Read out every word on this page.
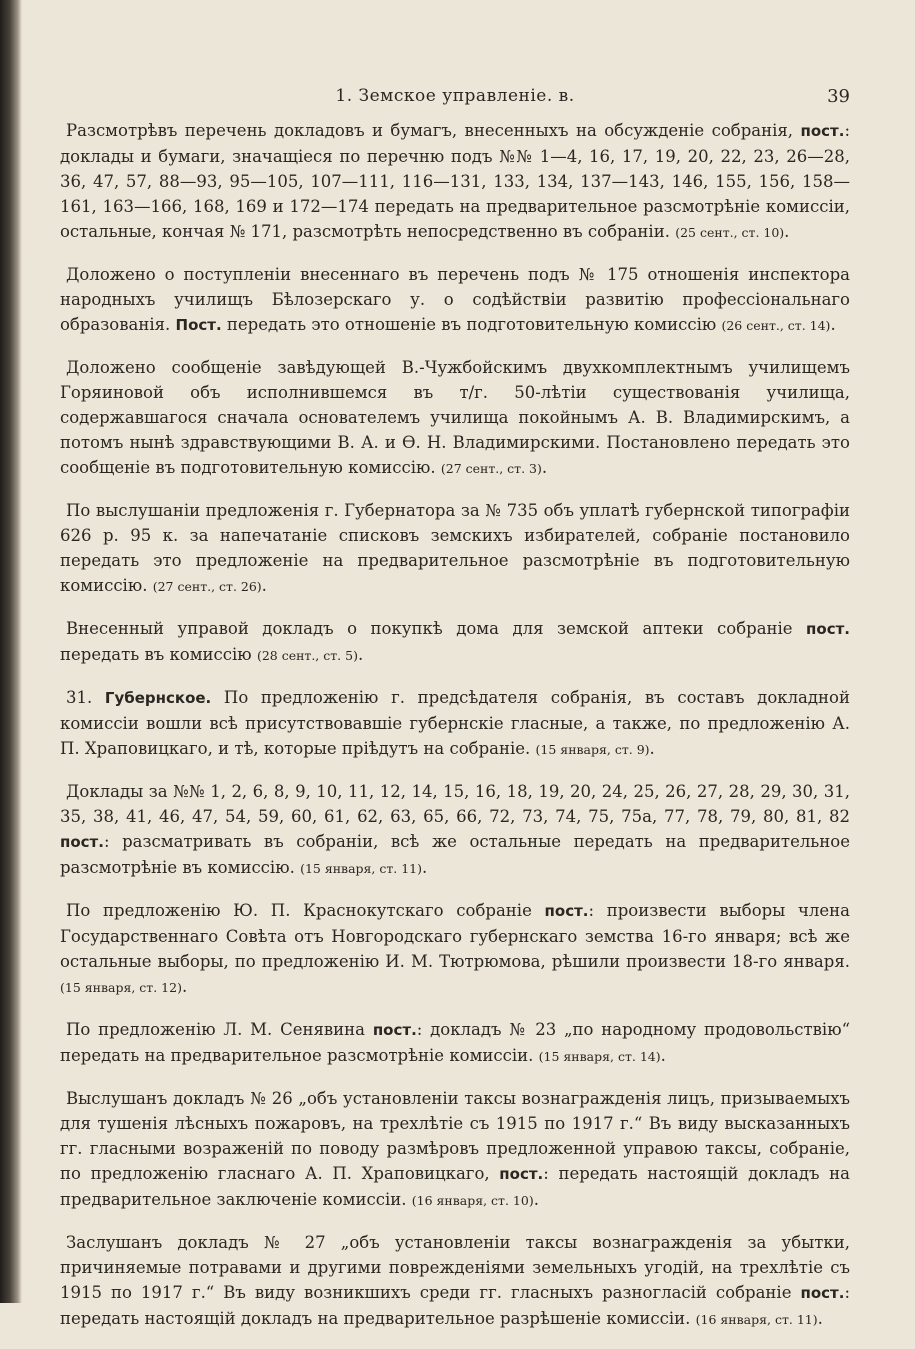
1. Земское управленіе. в.	39

Разсмотрѣвъ перечень докладовъ и бумагъ, внесенныхъ на обсужденіе собранія, пост.: доклады и бумаги, значащіеся по перечню подъ №№ 1—4, 16, 17, 19, 20, 22, 23, 26—28, 36, 47, 57, 88—93, 95—105, 107—111, 116—131, 133, 134, 137—143, 146, 155, 156, 158—161, 163—166, 168, 169 и 172—174 передать на предварительное разсмотрѣніе комиссіи, остальные, кончая № 171, разсмотрѣть непосредственно въ собраніи. (25 сент., ст. 10).

Доложено о поступленіи внесеннаго въ перечень подъ № 175 отношенія инспектора народныхъ училищъ Бѣлозерскаго у. о содѣйствіи развитію профессіональнаго образованія. Пост. передать это отношеніе въ подготовительную комиссію (26 сент., ст. 14).

Доложено сообщеніе завѣдующей В.-Чужбойскимъ двухкомплектнымъ училищемъ Горяиновой объ исполнившемся въ т/г. 50-лѣтіи существованія училища, содержавшагося сначала основателемъ училища покойнымъ А. В. Владимирскимъ, а потомъ нынѣ здравствующими В. А. и Ѳ. Н. Владимирскими. Постановлено передать это сообщеніе въ подготовительную комиссію. (27 сент., ст. 3).

По выслушаніи предложенія г. Губернатора за № 735 объ уплатѣ губернской типографіи 626 р. 95 к. за напечатаніе списковъ земскихъ избирателей, собраніе постановило передать это предложеніе на предварительное разсмотрѣніе въ подготовительную комиссію. (27 сент., ст. 26).

Внесенный управой докладъ о покупкѣ дома для земской аптеки собраніе пост. передать въ комиссію (28 сент., ст. 5).

31. Губернское. По предложенію г. предсѣдателя собранія, въ составъ докладной комиссіи вошли всѣ присутствовавшіе губернскіе гласные, а также, по предложенію А. П. Храповицкаго, и тѣ, которые пріѣдутъ на собраніе. (15 января, ст. 9).

Доклады за №№ 1, 2, 6, 8, 9, 10, 11, 12, 14, 15, 16, 18, 19, 20, 24, 25, 26, 27, 28, 29, 30, 31, 35, 38, 41, 46, 47, 54, 59, 60, 61, 62, 63, 65, 66, 72, 73, 74, 75, 75а, 77, 78, 79, 80, 81, 82 пост.: разсматривать въ собраніи, всѣ же остальные передать на предварительное разсмотрѣніе въ комиссію. (15 января, ст. 11).

По предложенію Ю. П. Краснокутскаго собраніе пост.: произвести выборы члена Государственнаго Совѣта отъ Новгородскаго губернскаго земства 16-го января; всѣ же остальные выборы, по предложенію И. М. Тютрюмова, рѣшили произвести 18-го января. (15 января, ст. 12).

По предложенію Л. М. Сенявина пост.: докладъ № 23 „по народному продовольствію“ передать на предварительное разсмотрѣніе комиссіи. (15 января, ст. 14).

Выслушанъ докладъ № 26 „объ установленіи таксы вознагражденія лицъ, призываемыхъ для тушенія лѣсныхъ пожаровъ, на трехлѣтіе съ 1915 по 1917 г.“ Въ виду высказанныхъ гг. гласными возраженій по поводу размѣровъ предложенной управою таксы, собраніе, по предложенію гласнаго А. П. Храповицкаго, пост.: передать настоящій докладъ на предварительное заключеніе комиссіи. (16 января, ст. 10).

Заслушанъ докладъ № 27 „объ установленіи таксы вознагражденія за убытки, причиняемые потравами и другими поврежденіями земельныхъ угодій, на трехлѣтіе съ 1915 по 1917 г.“ Въ виду возникшихъ среди гг. гласныхъ разногласій собраніе пост.: передать настоящій докладъ на предварительное разрѣшеніе комиссіи. (16 января, ст. 11).
